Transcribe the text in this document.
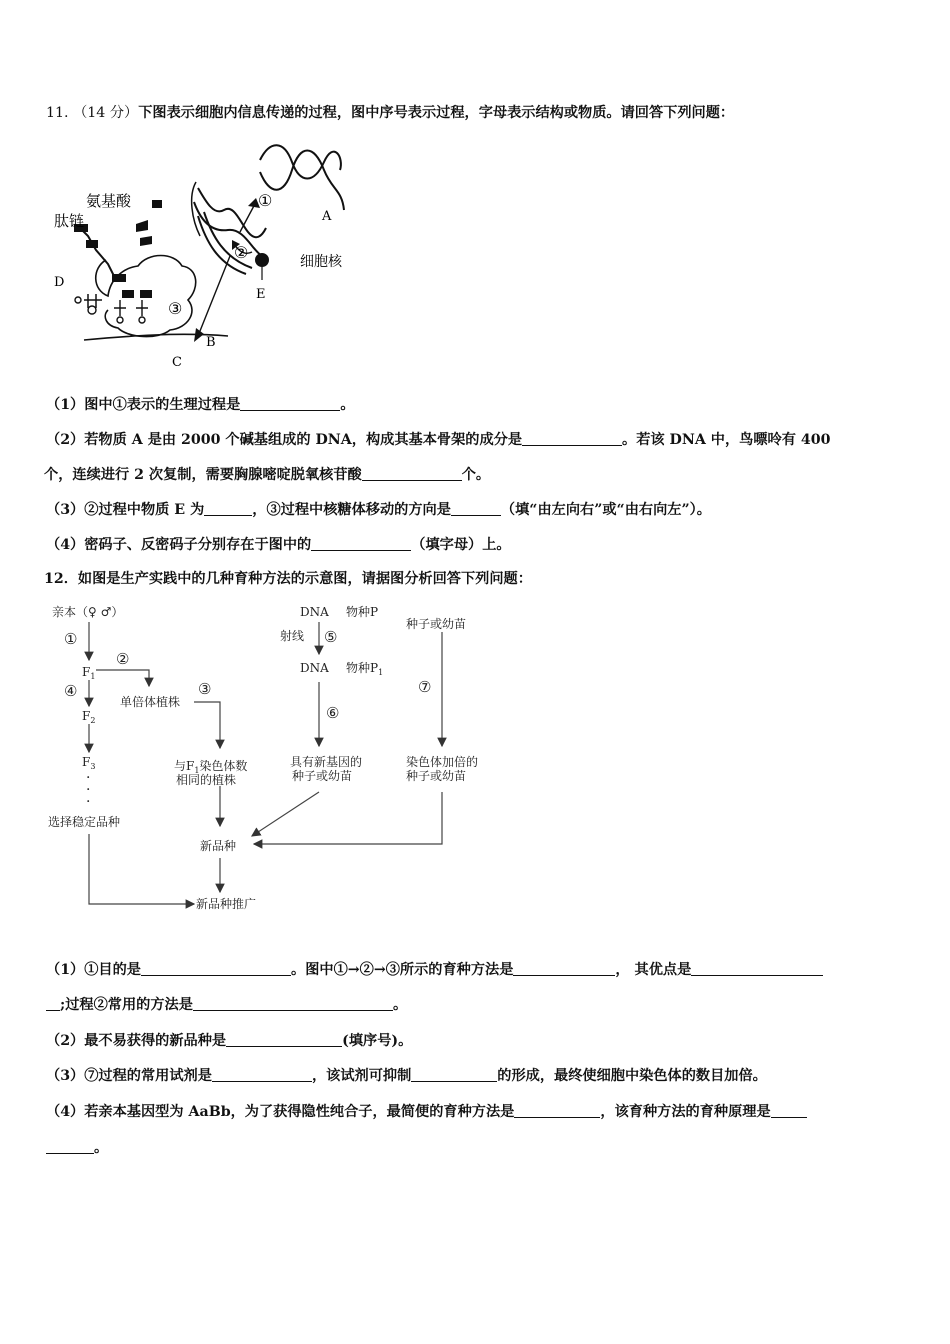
11. （14 分）下图表示细胞内信息传递的过程，图中序号表示过程，字母表示结构或物质。请回答下列问题：
氨基酸
肽链
D
A
B
C
E
细胞核
①
②
③
（1）图中①表示的生理过程是	。
（2）若物质 A 是由 2000 个碱基组成的 DNA，构成其基本骨架的成分是	。若该 DNA 中，鸟嘌呤有 400
个，连续进行 2 次复制，需要胸腺嘧啶脱氧核苷酸	个。
（3）②过程中物质 E 为	，③过程中核糖体移动的方向是	（填“由左向右”或“由右向左”）。
（4）密码子、反密码子分别存在于图中的	（填字母）上。
12．如图是生产实践中的几种育种方法的示意图，请据图分析回答下列问题：
亲本（♀ ♂）
①
$F_1$
②
④
$F_2$
$F_3$
·
·
·
选择稳定品种
单倍体植株
③
与$F_1$染色体数
相同的植株
新品种
新品种推广
DNA 物种P
射线 ⑤
DNA 物种$P_1$
⑥
具有新基因的
种子或幼苗
种子或幼苗
⑦
染色体加倍的
种子或幼苗
（1）①目的是	。图中①→②→③所示的育种方法是	， 其优点是
;过程②常用的方法是	。
（2）最不易获得的新品种是	(填序号)。
（3）⑦过程的常用试剂是	，该试剂可抑制	的形成，最终使细胞中染色体的数目加倍。
（4）若亲本基因型为 AaBb，为了获得隐性纯合子，最简便的育种方法是	，该育种方法的育种原理是
。
